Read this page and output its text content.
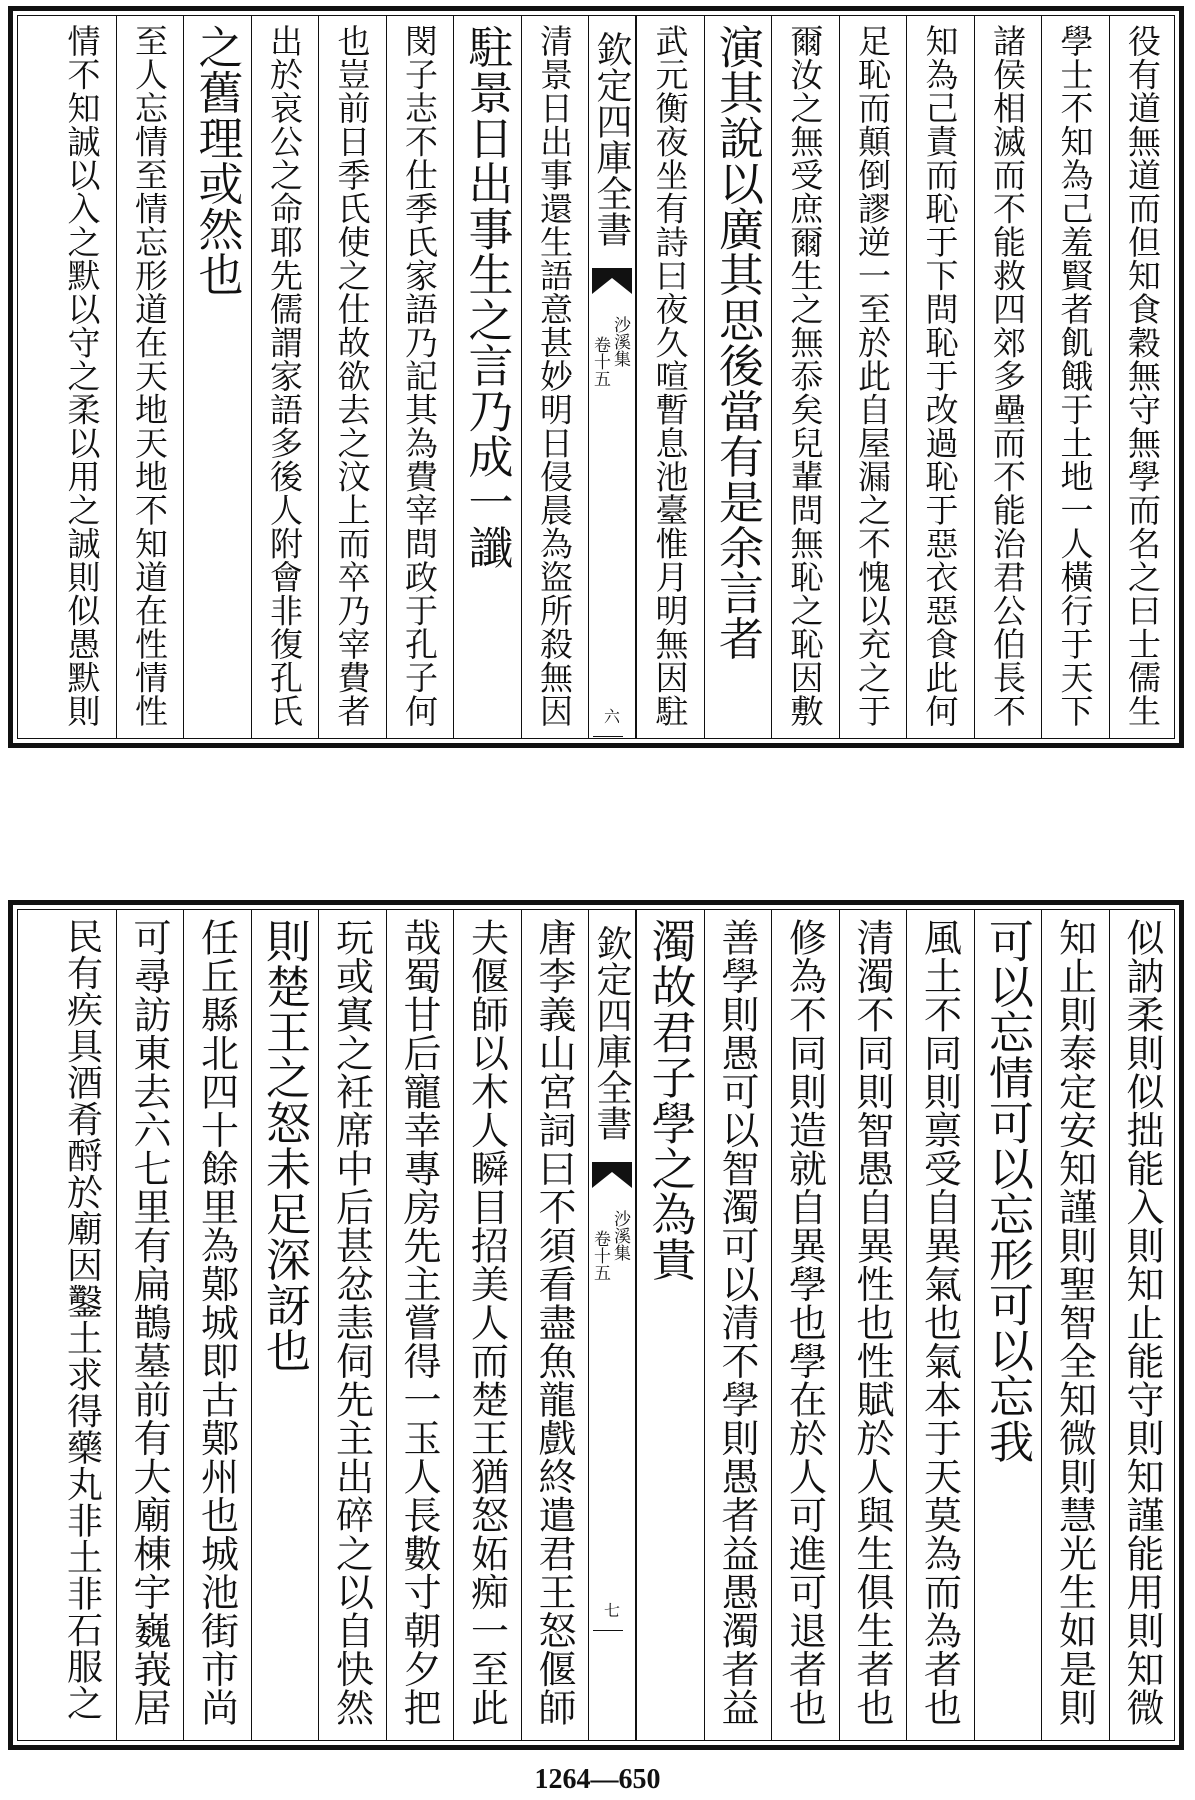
役有道無道而但知食穀無守無學而名之曰士儒生
學士不知為己羞賢者飢餓于土地一人橫行于天下
諸侯相滅而不能救四郊多壘而不能治君公伯長不
知為己責而恥于下問恥于改過恥于惡衣惡食此何
足恥而顛倒謬逆一至於此自屋漏之不愧以充之于
爾汝之無受庶爾生之無忝矣兒輩問無恥之恥因敷
演其說以廣其思後當有是余言者
武元衡夜坐有詩曰夜久喧暫息池臺惟月明無因駐
欽定四庫全書
沙溪集
卷十五
六
清景日出事還生語意甚妙明日侵晨為盜所殺無因
駐景日出事生之言乃成一讖
閔子志不仕季氏家語乃記其為費宰問政于孔子何
也豈前日季氏使之仕故欲去之汶上而卒乃宰費者
出於哀公之命耶先儒謂家語多後人附會非復孔氏
之舊理或然也
至人忘情至情忘形道在天地天地不知道在性情性
情不知誠以入之默以守之柔以用之誠則似愚默則
似訥柔則似拙能入則知止能守則知謹能用則知微
知止則泰定安知謹則聖智全知微則慧光生如是則
可以忘情可以忘形可以忘我
風土不同則禀受自異氣也氣本于天莫為而為者也
清濁不同則智愚自異性也性賦於人與生俱生者也
修為不同則造就自異學也學在於人可進可退者也
善學則愚可以智濁可以清不學則愚者益愚濁者益
濁故君子學之為貴
欽定四庫全書
沙溪集
卷十五
七
唐李義山宮詞曰不須看盡魚龍戲終遣君王怒偃師
夫偃師以木人瞬目招美人而楚王猶怒妬痴一至此
哉蜀甘后寵幸專房先主嘗得一玉人長數寸朝夕把
玩或寘之衽席中后甚忿恚伺先主出碎之以自快然
則楚王之怒未足深訝也
任丘縣北四十餘里為鄚城即古鄚州也城池街市尚
可尋訪東去六七里有扁鵲墓前有大廟棟宇巍峩居
民有疾具酒肴酹於廟因鑿土求得藥丸非土非石服之
1264—650
